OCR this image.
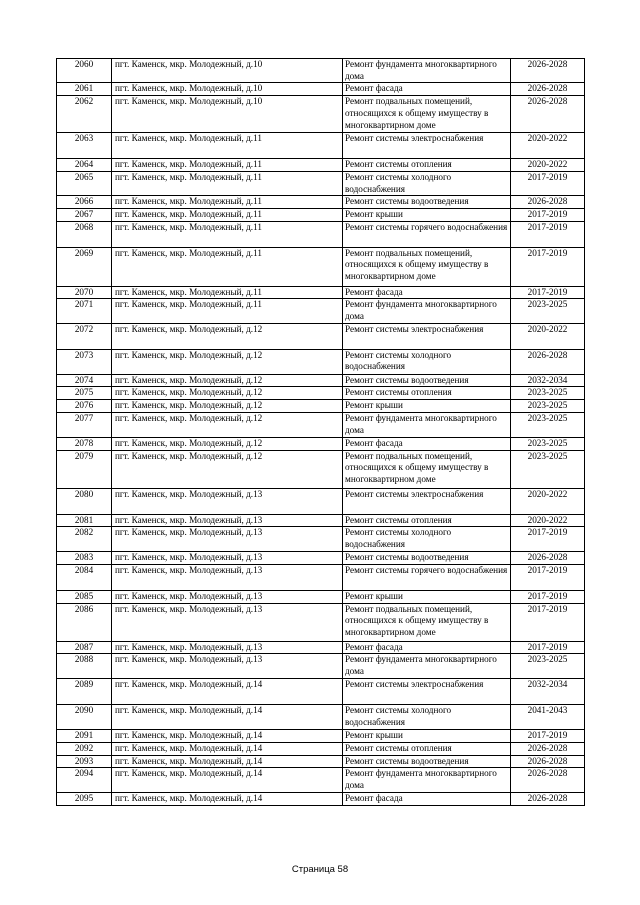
2060	пгт. Каменск, мкр. Молодежный, д.10	Ремонт фундамента многоквартирного дома	2026-2028
2061	пгт. Каменск, мкр. Молодежный, д.10	Ремонт фасада	2026-2028
2062	пгт. Каменск, мкр. Молодежный, д.10	Ремонт подвальных помещений, относящихся к общему имуществу в многоквартирном доме	2026-2028
2063	пгт. Каменск, мкр. Молодежный, д.11	Ремонт системы электроснабжения	2020-2022
2064	пгт. Каменск, мкр. Молодежный, д.11	Ремонт системы отопления	2020-2022
2065	пгт. Каменск, мкр. Молодежный, д.11	Ремонт системы холодного водоснабжения	2017-2019
2066	пгт. Каменск, мкр. Молодежный, д.11	Ремонт системы водоотведения	2026-2028
2067	пгт. Каменск, мкр. Молодежный, д.11	Ремонт крыши	2017-2019
2068	пгт. Каменск, мкр. Молодежный, д.11	Ремонт системы горячего водоснабжения	2017-2019
2069	пгт. Каменск, мкр. Молодежный, д.11	Ремонт подвальных помещений, относящихся к общему имуществу в многоквартирном доме	2017-2019
2070	пгт. Каменск, мкр. Молодежный, д.11	Ремонт фасада	2017-2019
2071	пгт. Каменск, мкр. Молодежный, д.11	Ремонт фундамента многоквартирного дома	2023-2025
2072	пгт. Каменск, мкр. Молодежный, д.12	Ремонт системы электроснабжения	2020-2022
2073	пгт. Каменск, мкр. Молодежный, д.12	Ремонт системы холодного водоснабжения	2026-2028
2074	пгт. Каменск, мкр. Молодежный, д.12	Ремонт системы водоотведения	2032-2034
2075	пгт. Каменск, мкр. Молодежный, д.12	Ремонт системы отопления	2023-2025
2076	пгт. Каменск, мкр. Молодежный, д.12	Ремонт крыши	2023-2025
2077	пгт. Каменск, мкр. Молодежный, д.12	Ремонт фундамента многоквартирного дома	2023-2025
2078	пгт. Каменск, мкр. Молодежный, д.12	Ремонт фасада	2023-2025
2079	пгт. Каменск, мкр. Молодежный, д.12	Ремонт подвальных помещений, относящихся к общему имуществу в многоквартирном доме	2023-2025
2080	пгт. Каменск, мкр. Молодежный, д.13	Ремонт системы электроснабжения	2020-2022
2081	пгт. Каменск, мкр. Молодежный, д.13	Ремонт системы отопления	2020-2022
2082	пгт. Каменск, мкр. Молодежный, д.13	Ремонт системы холодного водоснабжения	2017-2019
2083	пгт. Каменск, мкр. Молодежный, д.13	Ремонт системы водоотведения	2026-2028
2084	пгт. Каменск, мкр. Молодежный, д.13	Ремонт системы горячего водоснабжения	2017-2019
2085	пгт. Каменск, мкр. Молодежный, д.13	Ремонт крыши	2017-2019
2086	пгт. Каменск, мкр. Молодежный, д.13	Ремонт подвальных помещений, относящихся к общему имуществу в многоквартирном доме	2017-2019
2087	пгт. Каменск, мкр. Молодежный, д.13	Ремонт фасада	2017-2019
2088	пгт. Каменск, мкр. Молодежный, д.13	Ремонт фундамента многоквартирного дома	2023-2025
2089	пгт. Каменск, мкр. Молодежный, д.14	Ремонт системы электроснабжения	2032-2034
2090	пгт. Каменск, мкр. Молодежный, д.14	Ремонт системы холодного водоснабжения	2041-2043
2091	пгт. Каменск, мкр. Молодежный, д.14	Ремонт крыши	2017-2019
2092	пгт. Каменск, мкр. Молодежный, д.14	Ремонт системы отопления	2026-2028
2093	пгт. Каменск, мкр. Молодежный, д.14	Ремонт системы водоотведения	2026-2028
2094	пгт. Каменск, мкр. Молодежный, д.14	Ремонт фундамента многоквартирного дома	2026-2028
2095	пгт. Каменск, мкр. Молодежный, д.14	Ремонт фасада	2026-2028
Страница 58
